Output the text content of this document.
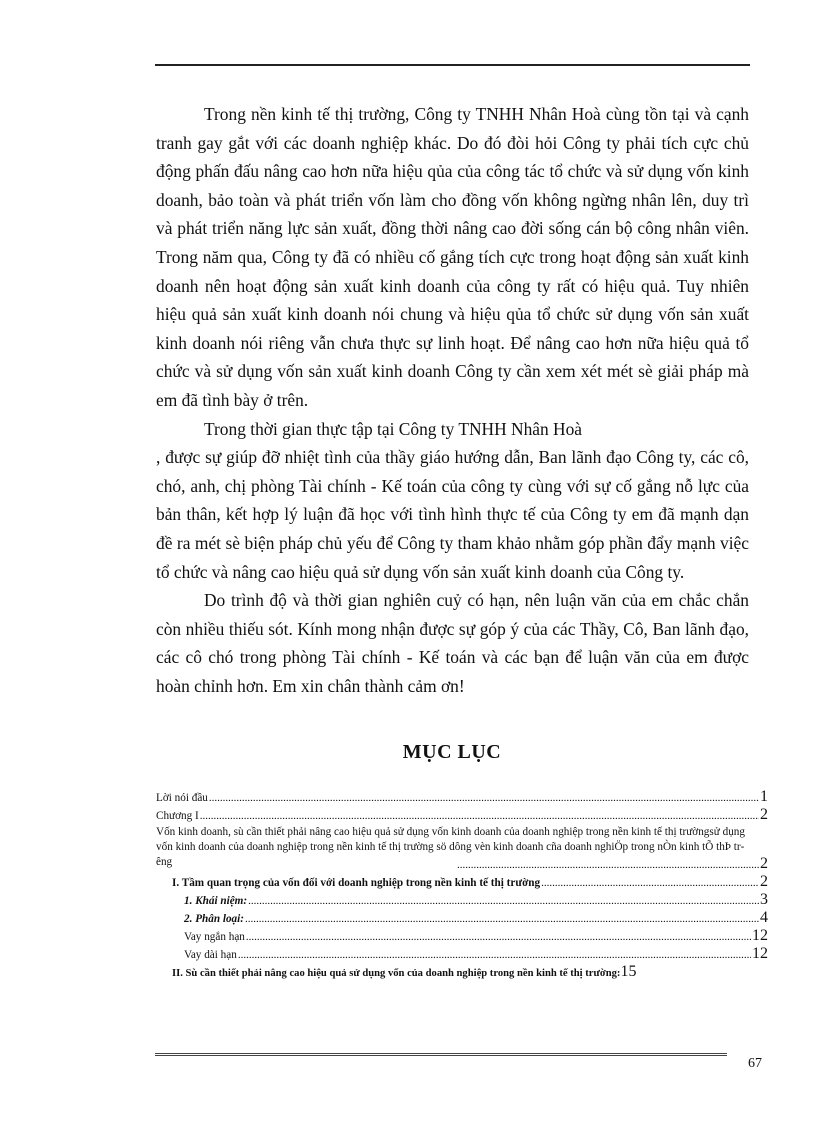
Trong nền kinh tế thị trường, Công ty TNHH Nhân Hoà cùng tồn tại và cạnh tranh gay gắt với các doanh nghiệp khác. Do đó đòi hỏi Công ty phải tích cực chủ động phấn đấu nâng cao hơn nữa hiệu qủa của công tác tổ chức và sử dụng vốn kinh doanh, bảo toàn và phát triển vốn làm cho đồng vốn không ngừng nhân lên, duy trì và phát triển năng lực sản xuất, đồng thời nâng cao đời sống cán bộ công nhân viên. Trong năm qua, Công ty đã có nhiều cố gắng tích cực trong hoạt động sản xuất kinh doanh nên hoạt động sản xuất kinh doanh của công ty rất có hiệu quả. Tuy nhiên hiệu quả sản xuất kinh doanh nói chung và hiệu qủa tổ chức sử dụng vốn sản xuất kinh doanh nói riêng vẫn chưa thực sự linh hoạt. Để nâng cao hơn nữa hiệu quả tổ chức và sử dụng vốn sản xuất kinh doanh Công ty cần xem xét mét sè giải pháp mà em đã tình bày ở trên.

Trong thời gian thực tập tại Công ty TNHH Nhân Hoà

, được sự giúp đỡ nhiệt tình của thầy giáo hướng dẫn, Ban lãnh đạo Công ty, các cô, chó, anh, chị phòng Tài chính - Kế toán của công ty cùng với sự cố gắng nỗ lực của bản thân, kết hợp lý luận đã học với tình hình thực tế của Công ty em đã mạnh dạn đề ra mét sè biện pháp chủ yếu để Công ty tham khảo nhằm góp phần đẩy mạnh việc tổ chức và nâng cao hiệu quả sử dụng vốn sản xuất kinh doanh của Công ty.

Do trình độ và thời gian nghiên cuỷ có hạn, nên luận văn của em chắc chắn còn nhiều thiếu sót. Kính mong nhận được sự góp ý của các Thầy, Cô, Ban lãnh đạo, các cô chó trong phòng Tài chính - Kế toán và các bạn để luận văn của em được hoàn chỉnh hơn. Em xin chân thành cảm ơn!

MỤC LỤC
Lời nói đầu .....	1
Chương I .....	2
Vốn kinh doanh, sù cần thiết phải nâng cao hiệu quả sử dụng vốn kinh doanh của doanh nghiệp trong nền kinh tế thị trườngsử dụng vốn kinh doanh của doanh nghiệp trong nền kinh tế thị trường sö dông vèn kinh doanh cña doanh nghiÖp trong nÒn kinh tÕ thÞ trêng .....	2
I. Tầm quan trọng của vốn đối với doanh nghiệp trong nền kinh tế thị trường .....	2
1. Khái niệm: .....	3
2. Phân loại: .....	4
Vay ngắn hạn .....	12
Vay dài hạn .....	12
II. Sù cần thiết phải nâng cao hiệu quả sử dụng vốn của doanh nghiệp trong nền kinh tế thị trường: 15
67
